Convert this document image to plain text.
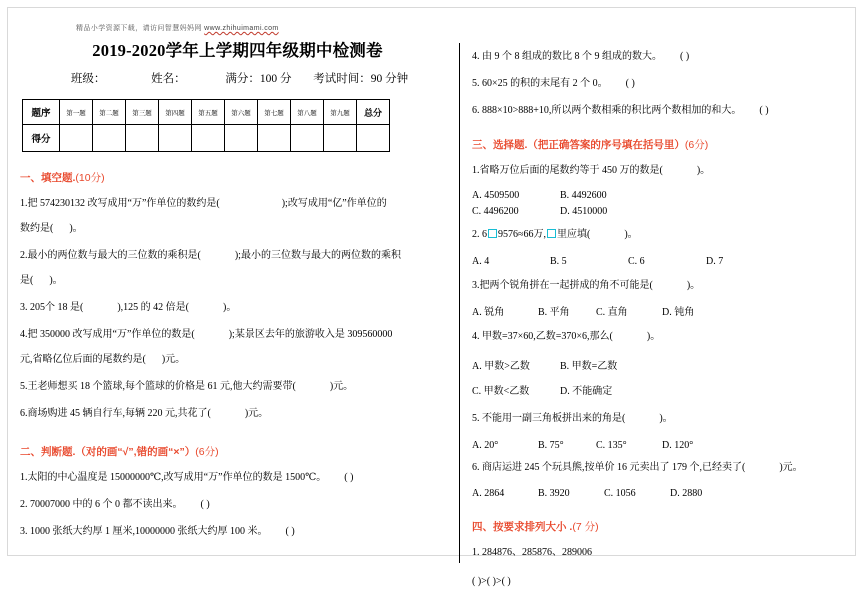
精品小学资源下载，请访问智慧妈妈网 www.zhihuimami.com
2019-2020学年上学期四年级期中检测卷
班级：	姓名：	满分：100 分 考试时间：90 分钟
题序	第一题	第二题	第三题	第四题	第五题	第六题	第七题	第八题	第九题	总分
得分										
一、填空题.(10分)
1.把 574230132 改写成用“万”作单位的数约是(	);改写成用“亿”作单位的
数约是( )。
2.最小的两位数与最大的三位数的乘积是(	);最小的三位数与最大的两位数的乘积
是( )。
3. 205个 18 是(	),125 的 42 倍是(	)。
4.把 350000 改写成用“万”作单位的数是(	);某景区去年的旅游收入是 309560000
元,省略亿位后面的尾数约是( )元。
5.王老师想买 18 个篮球,每个篮球的价格是 61 元,他大约需要带(	)元。
6.商场购进 45 辆自行车,每辆 220 元,共花了(	)元。
二、判断题.（对的画“√”,错的画“×”）(6分)
1.太阳的中心温度是 15000000℃,改写成用“万”作单位的数是 1500℃。 ( )
2. 70007000 中的 6 个 0 都不读出来。 ( )
3. 1000 张纸大约厚 1 厘米,10000000 张纸大约厚 100 米。 ( )
4. 由 9 个 8 组成的数比 8 个 9 组成的数大。 ( )
5. 60×25 的积的末尾有 2 个 0。 ( )
6. 888×10>888+10,所以两个数相乘的积比两个数相加的和大。 ( )
三、选择题.（把正确答案的序号填在括号里）(6分)
1.省略万位后面的尾数约等于 450 万的数是(	)。
A. 4509500	B. 4492600
C. 4496200	D. 4510000
2. 6 9576≈66万, 里应填(	)。
A. 4	B. 5	C. 6	D. 7
3.把两个锐角拼在一起拼成的角不可能是(	)。
A. 锐角	B. 平角	C. 直角	D. 钝角
4. 甲数=37×60,乙数=370×6,那么(	)。
A. 甲数>乙数	B. 甲数=乙数
C. 甲数<乙数	D. 不能确定
5. 不能用一副三角板拼出来的角是(	)。
A. 20°	B. 75°	C. 135°	D. 120°
6. 商店运进 245 个玩具熊,按单价 16 元卖出了 179 个,已经卖了(	)元。
A. 2864	B. 3920	C. 1056	D. 2880
四、按要求排列大小 .(7 分)
1. 284876、285876、289006
( )>( )>( )
